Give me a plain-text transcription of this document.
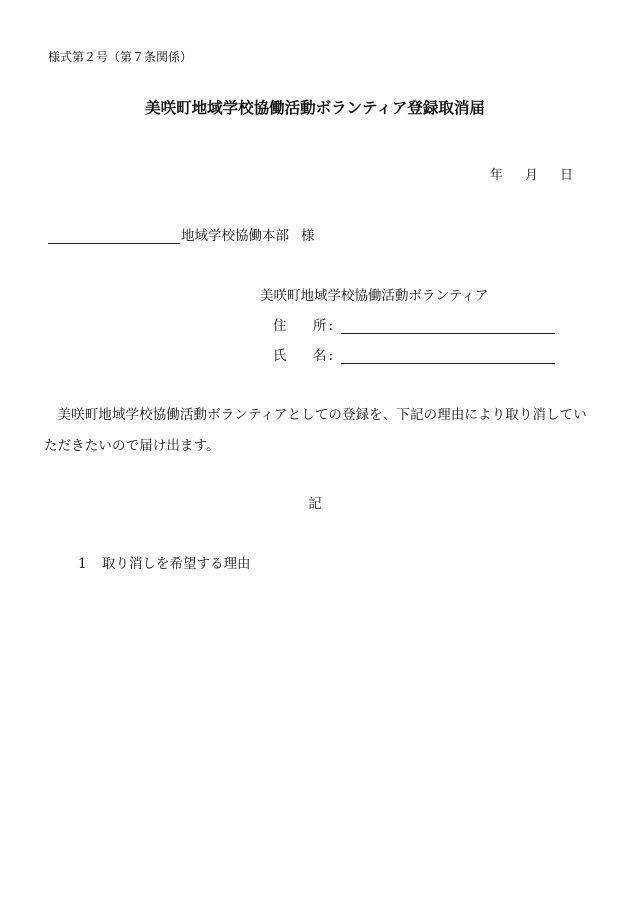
様式第２号（第７条関係）
美咲町地域学校協働活動ボランティア登録取消届
年 月 日
地域学校協働本部 様
美咲町地域学校協働活動ボランティア
住	所 :
氏	名 :
美咲町地域学校協働活動ボランティアとしての登録を、下記の理由により取り消していただきたいので届け出ます。
記
1 取り消しを希望する理由
